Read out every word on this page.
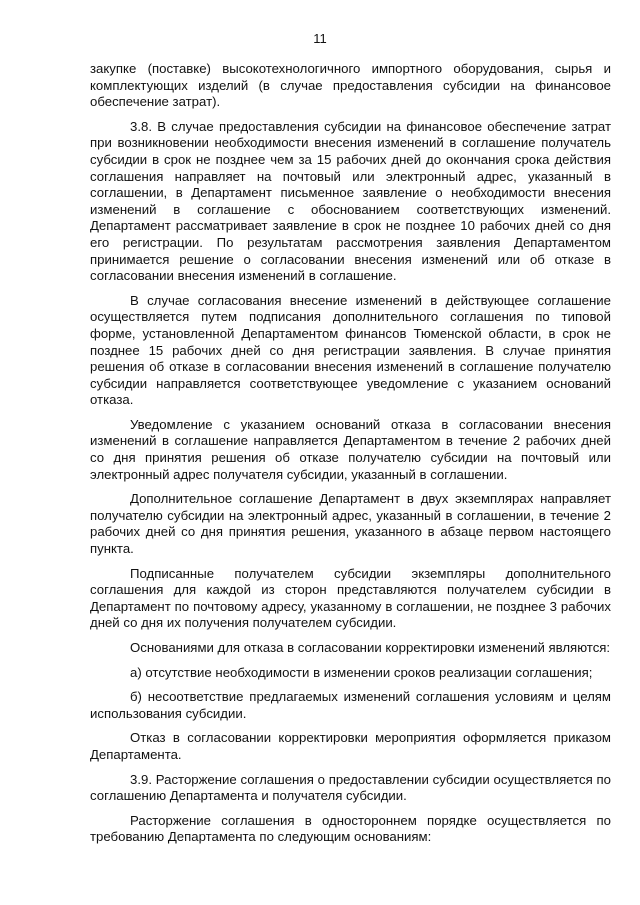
11

закупке (поставке) высокотехнологичного импортного оборудования, сырья и комплектующих изделий (в случае предоставления субсидии на финансовое обеспечение затрат).

3.8. В случае предоставления субсидии на финансовое обеспечение затрат при возникновении необходимости внесения изменений в соглашение получатель субсидии в срок не позднее чем за 15 рабочих дней до окончания срока действия соглашения направляет на почтовый или электронный адрес, указанный в соглашении, в Департамент письменное заявление о необходимости внесения изменений в соглашение с обоснованием соответствующих изменений. Департамент рассматривает заявление в срок не позднее 10 рабочих дней со дня его регистрации. По результатам рассмотрения заявления Департаментом принимается решение о согласовании внесения изменений или об отказе в согласовании внесения изменений в соглашение.

В случае согласования внесение изменений в действующее соглашение осуществляется путем подписания дополнительного соглашения по типовой форме, установленной Департаментом финансов Тюменской области, в срок не позднее 15 рабочих дней со дня регистрации заявления. В случае принятия решения об отказе в согласовании внесения изменений в соглашение получателю субсидии направляется соответствующее уведомление с указанием оснований отказа.

Уведомление с указанием оснований отказа в согласовании внесения изменений в соглашение направляется Департаментом в течение 2 рабочих дней со дня принятия решения об отказе получателю субсидии на почтовый или электронный адрес получателя субсидии, указанный в соглашении.

Дополнительное соглашение Департамент в двух экземплярах направляет получателю субсидии на электронный адрес, указанный в соглашении, в течение 2 рабочих дней со дня принятия решения, указанного в абзаце первом настоящего пункта.

Подписанные получателем субсидии экземпляры дополнительного соглашения для каждой из сторон представляются получателем субсидии в Департамент по почтовому адресу, указанному в соглашении, не позднее 3 рабочих дней со дня их получения получателем субсидии.

Основаниями для отказа в согласовании корректировки изменений являются:

а) отсутствие необходимости в изменении сроков реализации соглашения;

б) несоответствие предлагаемых изменений соглашения условиям и целям использования субсидии.

Отказ в согласовании корректировки мероприятия оформляется приказом Департамента.

3.9. Расторжение соглашения о предоставлении субсидии осуществляется по соглашению Департамента и получателя субсидии.

Расторжение соглашения в одностороннем порядке осуществляется по требованию Департамента по следующим основаниям:
